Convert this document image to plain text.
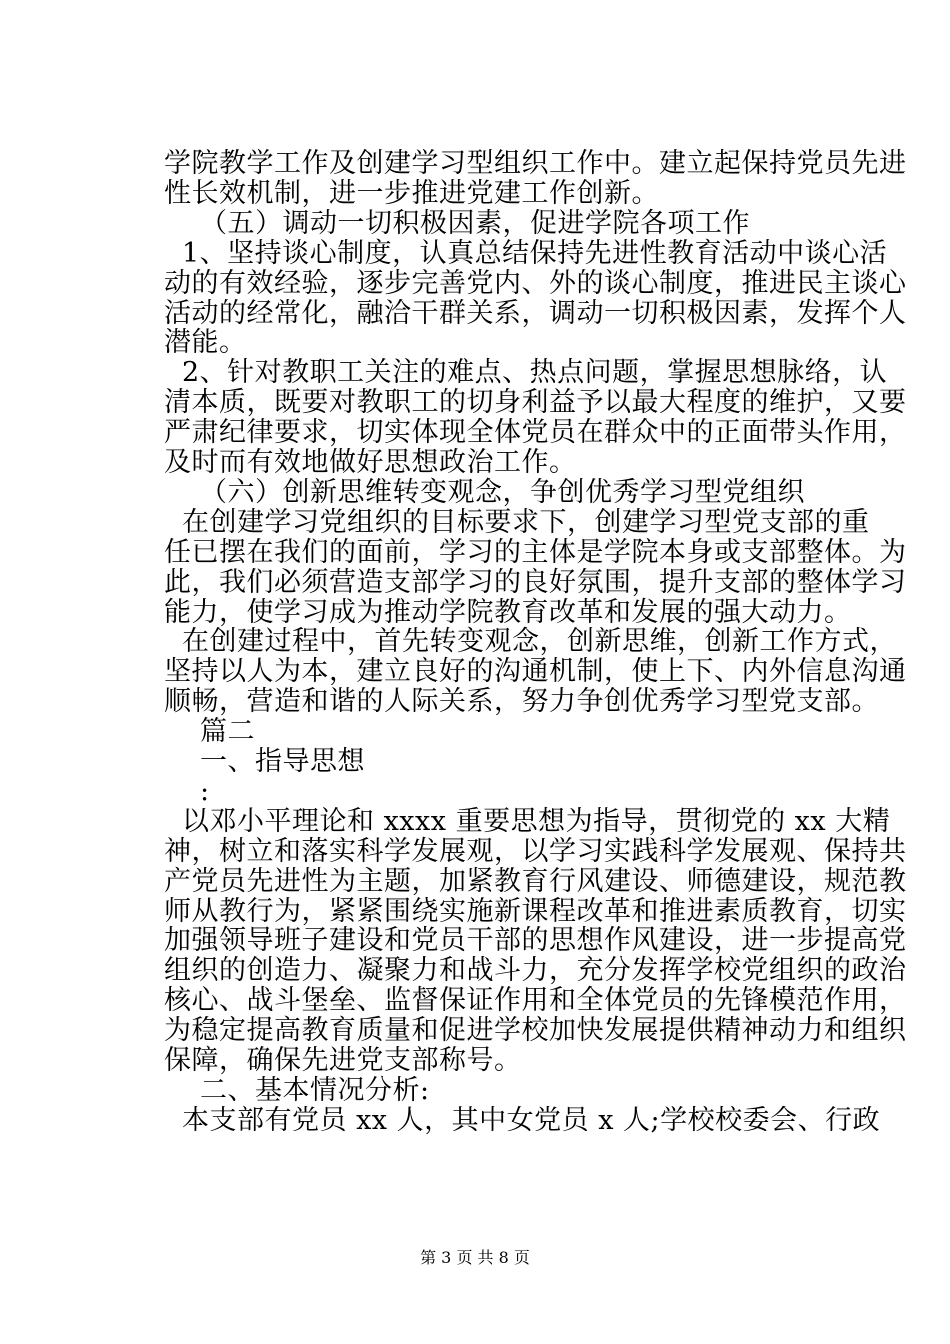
学院教学工作及创建学习型组织工作中。建立起保持党员先进
性长效机制，进一步推进党建工作创新。
（五）调动一切积极因素，促进学院各项工作
1、坚持谈心制度，认真总结保持先进性教育活动中谈心活
动的有效经验，逐步完善党内、外的谈心制度，推进民主谈心
活动的经常化，融洽干群关系，调动一切积极因素，发挥个人
潜能。
2、针对教职工关注的难点、热点问题，掌握思想脉络，认
清本质，既要对教职工的切身利益予以最大程度的维护，又要
严肃纪律要求，切实体现全体党员在群众中的正面带头作用，
及时而有效地做好思想政治工作。
（六）创新思维转变观念，争创优秀学习型党组织
在创建学习党组织的目标要求下，创建学习型党支部的重
任已摆在我们的面前，学习的主体是学院本身或支部整体。为
此，我们必须营造支部学习的良好氛围，提升支部的整体学习
能力，使学习成为推动学院教育改革和发展的强大动力。
在创建过程中，首先转变观念，创新思维，创新工作方式，
坚持以人为本，建立良好的沟通机制，使上下、内外信息沟通
顺畅，营造和谐的人际关系，努力争创优秀学习型党支部。
篇二
一、指导思想
:
以邓小平理论和 xxxx 重要思想为指导，贯彻党的 xx 大精
神，树立和落实科学发展观，以学习实践科学发展观、保持共
产党员先进性为主题，加紧教育行风建设、师德建设，规范教
师从教行为，紧紧围绕实施新课程改革和推进素质教育，切实
加强领导班子建设和党员干部的思想作风建设，进一步提高党
组织的创造力、凝聚力和战斗力，充分发挥学校党组织的政治
核心、战斗堡垒、监督保证作用和全体党员的先锋模范作用，
为稳定提高教育质量和促进学校加快发展提供精神动力和组织
保障，确保先进党支部称号。
二、基本情况分析:
本支部有党员 xx 人，其中女党员 x 人;学校校委会、行政
第 3 页 共 8 页
